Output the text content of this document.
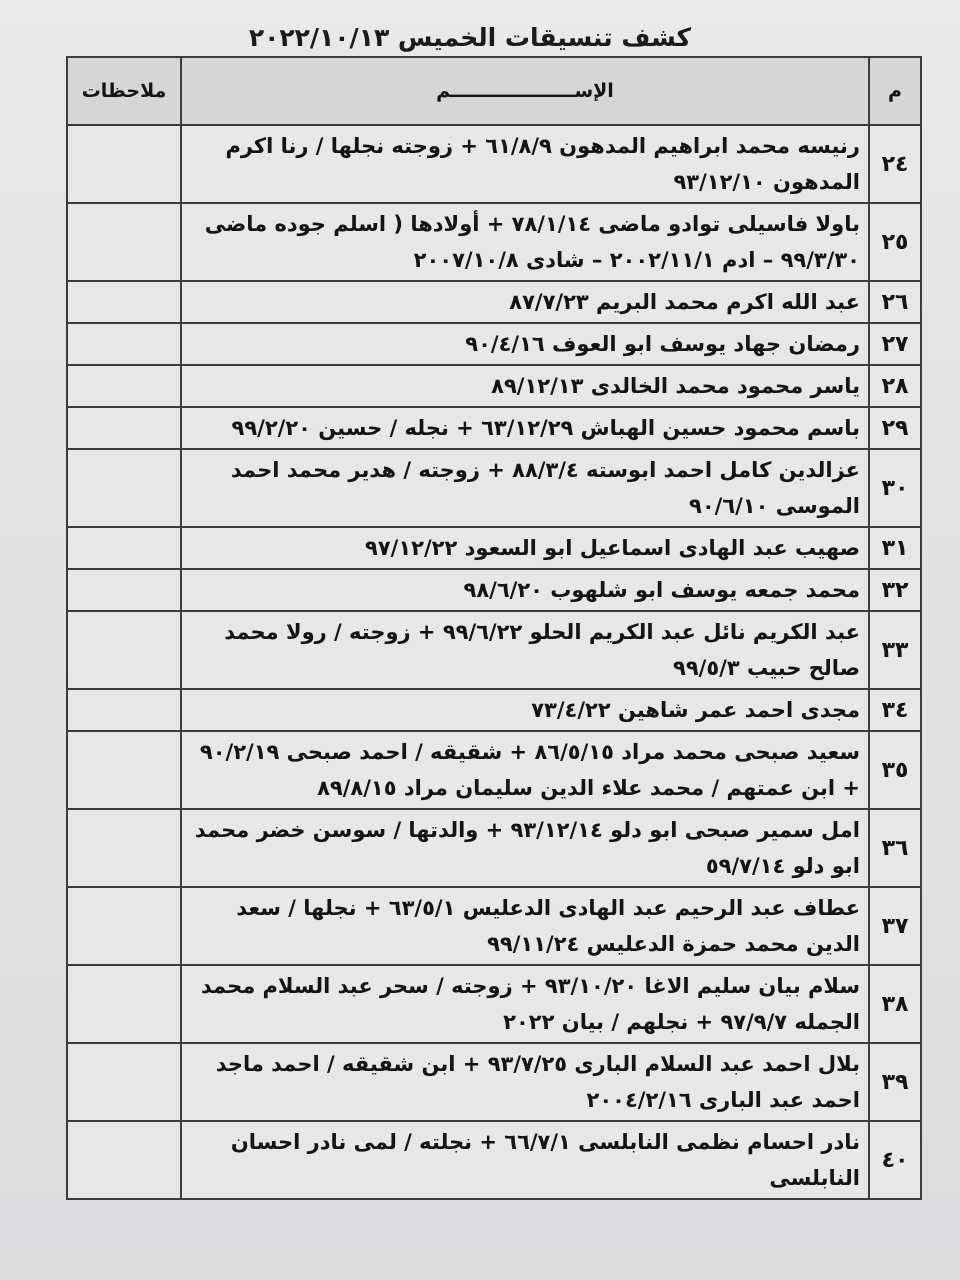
كشف تنسيقات الخميس ٢٠٢٢/١٠/١٣
م	الإســـــــــــــــــــم	ملاحظات
٢٤	رنيسه محمد ابراهيم المدهون ٦١/٨/٩ + زوجته نجلها / رنا اكرم المدهون ٩٣/١٢/١٠	
٢٥	باولا فاسيلى توادو ماضى ٧٨/١/١٤ + أولادها ( اسلم جوده ماضى ٩٩/٣/٣٠ – ادم ٢٠٠٢/١١/١ – شادى ٢٠٠٧/١٠/٨	
٢٦	عبد الله اكرم محمد البريم ٨٧/٧/٢٣	
٢٧	رمضان جهاد يوسف ابو العوف ٩٠/٤/١٦	
٢٨	ياسر محمود محمد الخالدى ٨٩/١٢/١٣	
٢٩	باسم محمود حسين الهباش ٦٣/١٢/٢٩ + نجله / حسين ٩٩/٢/٢٠	
٣٠	عزالدين كامل احمد ابوسته ٨٨/٣/٤ + زوجته / هدير محمد احمد الموسى ٩٠/٦/١٠	
٣١	صهيب عبد الهادى اسماعيل ابو السعود ٩٧/١٢/٢٢	
٣٢	محمد جمعه يوسف ابو شلهوب ٩٨/٦/٢٠	
٣٣	عبد الكريم نائل عبد الكريم الحلو ٩٩/٦/٢٢ + زوجته / رولا محمد صالح حبيب ٩٩/٥/٣	
٣٤	مجدى احمد عمر شاهين ٧٣/٤/٢٢	
٣٥	سعيد صبحى محمد مراد ٨٦/٥/١٥ + شقيقه / احمد صبحى ٩٠/٢/١٩ + ابن عمتهم / محمد علاء الدين سليمان مراد ٨٩/٨/١٥	
٣٦	امل سمير صبحى ابو دلو ٩٣/١٢/١٤ + والدتها / سوسن خضر محمد ابو دلو ٥٩/٧/١٤	
٣٧	عطاف عبد الرحيم عبد الهادى الدعليس ٦٣/٥/١ + نجلها / سعد الدين محمد حمزة الدعليس ٩٩/١١/٢٤	
٣٨	سلام بيان سليم الاغا ٩٣/١٠/٢٠ + زوجته / سحر عبد السلام محمد الجمله ٩٧/٩/٧ + نجلهم / بيان ٢٠٢٢	
٣٩	بلال احمد عبد السلام البارى ٩٣/٧/٢٥ + ابن شقيقه / احمد ماجد احمد عبد البارى ٢٠٠٤/٢/١٦	
٤٠	نادر احسام نظمى النابلسى ٦٦/٧/١ + نجلته / لمى نادر احسان النابلسى	
